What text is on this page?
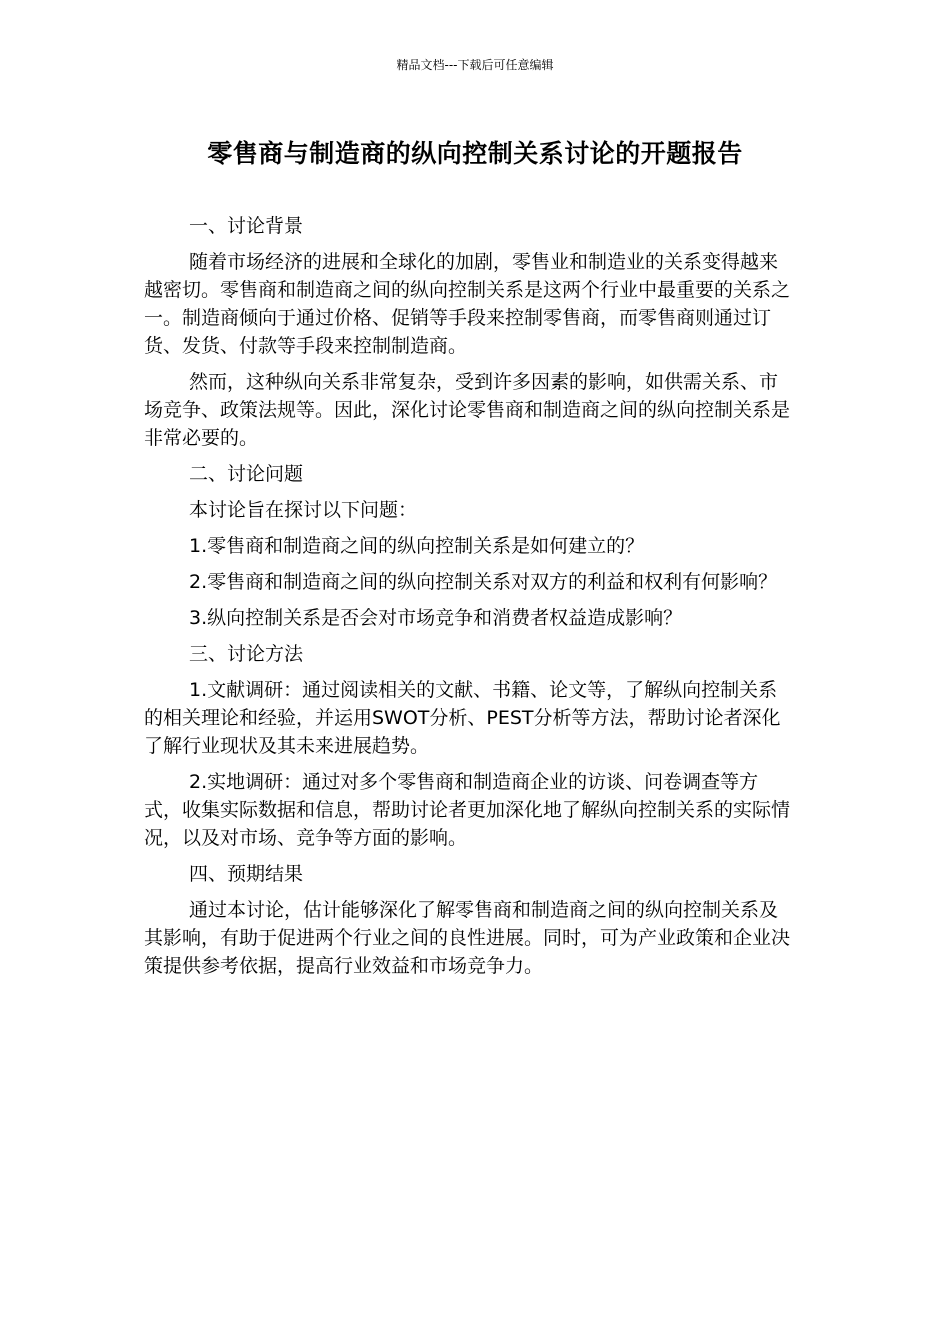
精品文档---下载后可任意编辑
零售商与制造商的纵向控制关系讨论的开题报告

一、讨论背景

随着市场经济的进展和全球化的加剧，零售业和制造业的关系变得越来越密切。零售商和制造商之间的纵向控制关系是这两个行业中最重要的关系之一。制造商倾向于通过价格、促销等手段来控制零售商，而零售商则通过订货、发货、付款等手段来控制制造商。

然而，这种纵向关系非常复杂，受到许多因素的影响，如供需关系、市场竞争、政策法规等。因此，深化讨论零售商和制造商之间的纵向控制关系是非常必要的。

二、讨论问题

本讨论旨在探讨以下问题：

1.零售商和制造商之间的纵向控制关系是如何建立的？

2.零售商和制造商之间的纵向控制关系对双方的利益和权利有何影响？

3.纵向控制关系是否会对市场竞争和消费者权益造成影响？

三、讨论方法

1.文献调研：通过阅读相关的文献、书籍、论文等，了解纵向控制关系的相关理论和经验，并运用SWOT分析、PEST分析等方法，帮助讨论者深化了解行业现状及其未来进展趋势。

2.实地调研：通过对多个零售商和制造商企业的访谈、问卷调查等方式，收集实际数据和信息，帮助讨论者更加深化地了解纵向控制关系的实际情况，以及对市场、竞争等方面的影响。

四、预期结果

通过本讨论，估计能够深化了解零售商和制造商之间的纵向控制关系及其影响，有助于促进两个行业之间的良性进展。同时，可为产业政策和企业决策提供参考依据，提高行业效益和市场竞争力。
